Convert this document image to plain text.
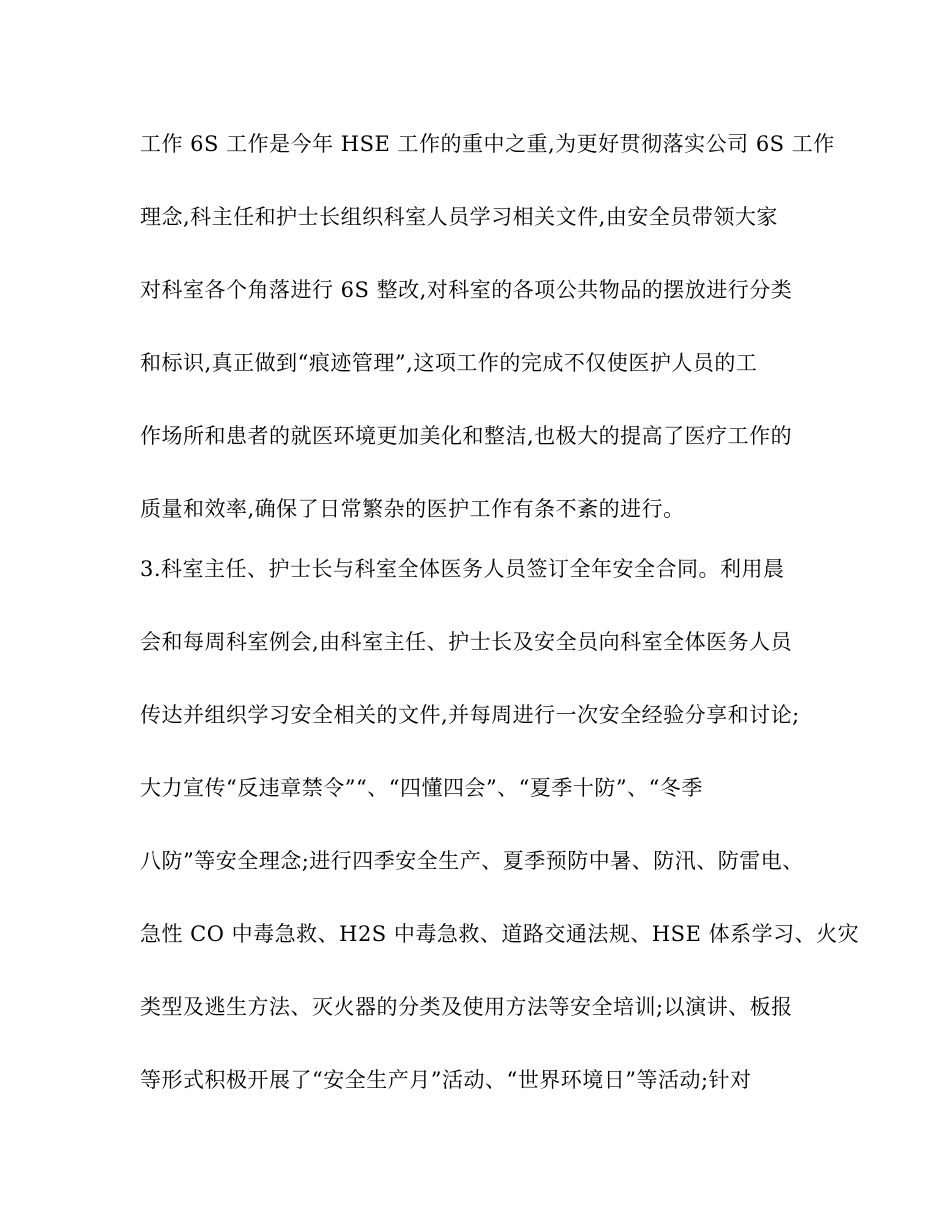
工作 6S 工作是今年 HSE 工作的重中之重,为更好贯彻落实公司 6S 工作
理念,科主任和护士长组织科室人员学习相关文件,由安全员带领大家
对科室各个角落进行 6S 整改,对科室的各项公共物品的摆放进行分类
和标识,真正做到“痕迹管理”,这项工作的完成不仅使医护人员的工
作场所和患者的就医环境更加美化和整洁,也极大的提高了医疗工作的
质量和效率,确保了日常繁杂的医护工作有条不紊的进行。
3.科室主任、护士长与科室全体医务人员签订全年安全合同。利用晨
会和每周科室例会,由科室主任、护士长及安全员向科室全体医务人员
传达并组织学习安全相关的文件,并每周进行一次安全经验分享和讨论;
大力宣传“反违章禁令”“、“四懂四会”、“夏季十防”、“冬季
八防”等安全理念;进行四季安全生产、夏季预防中暑、防汛、防雷电、
急性 CO 中毒急救、H2S 中毒急救、道路交通法规、HSE 体系学习、火灾
类型及逃生方法、灭火器的分类及使用方法等安全培训;以演讲、板报
等形式积极开展了“安全生产月”活动、“世界环境日”等活动;针对
